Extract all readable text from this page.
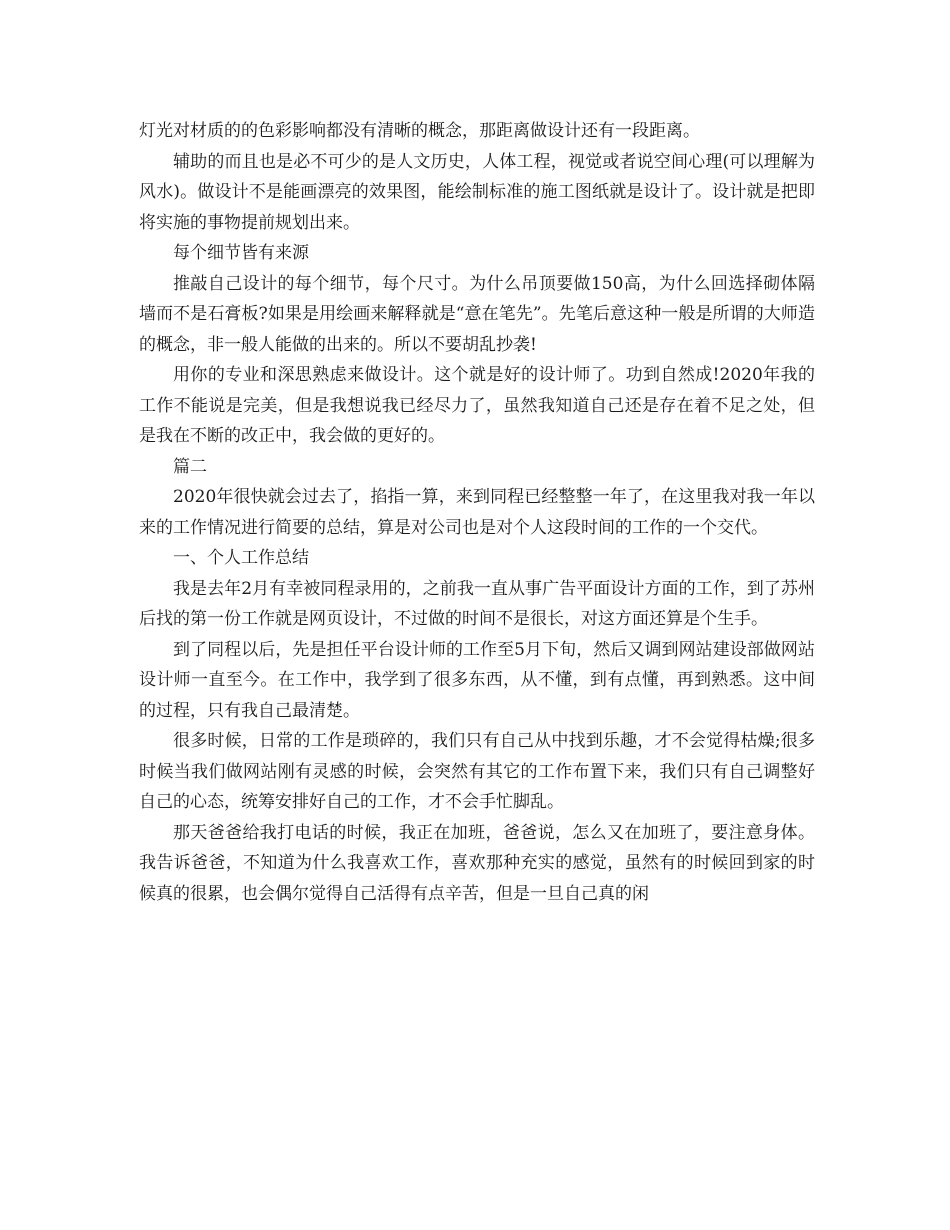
灯光对材质的的色彩影响都没有清晰的概念，那距离做设计还有一段距离。

辅助的而且也是必不可少的是人文历史，人体工程，视觉或者说空间心理(可以理解为风水)。做设计不是能画漂亮的效果图，能绘制标准的施工图纸就是设计了。设计就是把即将实施的事物提前规划出来。

每个细节皆有来源

推敲自己设计的每个细节，每个尺寸。为什么吊顶要做150高，为什么回选择砌体隔墙而不是石膏板?如果是用绘画来解释就是“意在笔先”。先笔后意这种一般是所谓的大师造的概念，非一般人能做的出来的。所以不要胡乱抄袭!

用你的专业和深思熟虑来做设计。这个就是好的设计师了。功到自然成!2020年我的工作不能说是完美，但是我想说我已经尽力了，虽然我知道自己还是存在着不足之处，但是我在不断的改正中，我会做的更好的。

篇二

2020年很快就会过去了，掐指一算，来到同程已经整整一年了，在这里我对我一年以来的工作情况进行简要的总结，算是对公司也是对个人这段时间的工作的一个交代。

一、个人工作总结

我是去年2月有幸被同程录用的，之前我一直从事广告平面设计方面的工作，到了苏州后找的第一份工作就是网页设计，不过做的时间不是很长，对这方面还算是个生手。

到了同程以后，先是担任平台设计师的工作至5月下旬，然后又调到网站建设部做网站设计师一直至今。在工作中，我学到了很多东西，从不懂，到有点懂，再到熟悉。这中间的过程，只有我自己最清楚。

很多时候，日常的工作是琐碎的，我们只有自己从中找到乐趣，才不会觉得枯燥;很多时候当我们做网站刚有灵感的时候，会突然有其它的工作布置下来，我们只有自己调整好自己的心态，统筹安排好自己的工作，才不会手忙脚乱。

那天爸爸给我打电话的时候，我正在加班，爸爸说，怎么又在加班了，要注意身体。我告诉爸爸，不知道为什么我喜欢工作，喜欢那种充实的感觉，虽然有的时候回到家的时候真的很累，也会偶尔觉得自己活得有点辛苦，但是一旦自己真的闲
